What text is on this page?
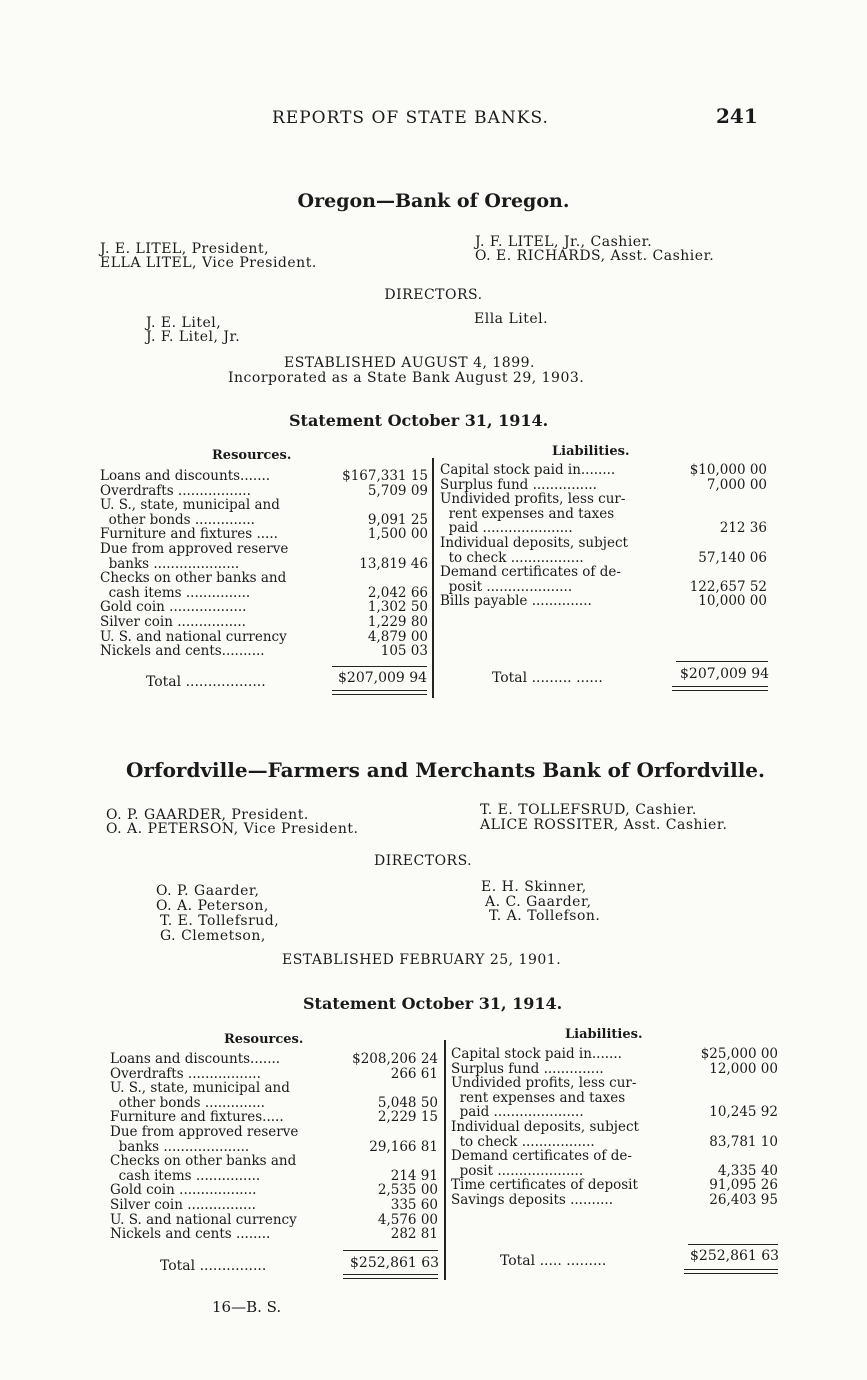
REPORTS OF STATE BANKS.	241
Oregon—Bank of Oregon.
J. E. LITEL, President,
ELLA LITEL, Vice President.
J. F. LITEL, Jr., Cashier.
O. E. RICHARDS, Asst. Cashier.
DIRECTORS.
J. E. Litel,
J. F. Litel, Jr.
Ella Litel.
ESTABLISHED AUGUST 4, 1899.
Incorporated as a State Bank August 29, 1903.
Statement October 31, 1914.
Resources.	Liabilities.
Loans and discounts.......	$167,331 15
Overdrafts .................	5,709 09
U. S., state, municipal and
other bonds ..............	9,091 25
Furniture and fixtures .....	1,500 00
Due from approved reserve
banks ....................	13,819 46
Checks on other banks and
cash items ...............	2,042 66
Gold coin ..................	1,302 50
Silver coin ................	1,229 80
U. S. and national currency	4,879 00
Nickels and cents..........	105 03
Capital stock paid in........	$10,000 00
Surplus fund ...............	7,000 00
Undivided profits, less cur-
rent expenses and taxes
paid .....................	212 36
Individual deposits, subject
to check .................	57,140 06
Demand certificates of de-
posit ....................	122,657 52
Bills payable ..............	10,000 00
Total ..................	$207,009 94	Total ......... ......	$207,009 94
Orfordville—Farmers and Merchants Bank of Orfordville.
O. P. GAARDER, President.
O. A. PETERSON, Vice President.
T. E. TOLLEFSRUD, Cashier.
ALICE ROSSITER, Asst. Cashier.
DIRECTORS.
O. P. Gaarder,
O. A. Peterson,
T. E. Tollefsrud,
G. Clemetson,
E. H. Skinner,
A. C. Gaarder,
T. A. Tollefson.
ESTABLISHED FEBRUARY 25, 1901.
Statement October 31, 1914.
Resources.	Liabilities.
Loans and discounts.......	$208,206 24
Overdrafts .................	266 61
U. S., state, municipal and
other bonds ..............	5,048 50
Furniture and fixtures.....	2,229 15
Due from approved reserve
banks ....................	29,166 81
Checks on other banks and
cash items ...............	214 91
Gold coin ..................	2,535 00
Silver coin ................	335 60
U. S. and national currency	4,576 00
Nickels and cents ........	282 81
Capital stock paid in.......	$25,000 00
Surplus fund ..............	12,000 00
Undivided profits, less cur-
rent expenses and taxes
paid .....................	10,245 92
Individual deposits, subject
to check .................	83,781 10
Demand certificates of de-
posit ....................	4,335 40
Time certificates of deposit	91,095 26
Savings deposits ..........	26,403 95
Total ...............	$252,861 63	Total ..... .........	$252,861 63
16—B. S.
